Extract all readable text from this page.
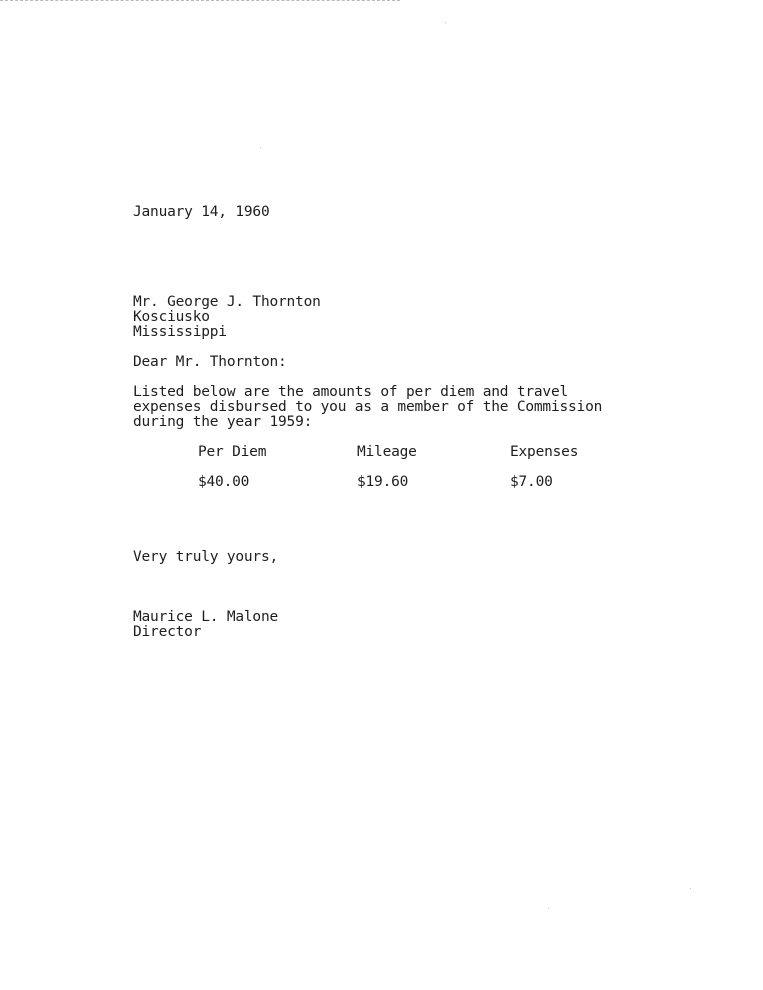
January 14, 1960
Mr. George J. Thornton
Kosciusko
Mississippi
Dear Mr. Thornton:
Listed below are the amounts of per diem and travel
expenses disbursed to you as a member of the Commission
during the year 1959:
Per Diem	Mileage	Expenses
$40.00	$19.60	$7.00
Very truly yours,
Maurice L. Malone
Director
